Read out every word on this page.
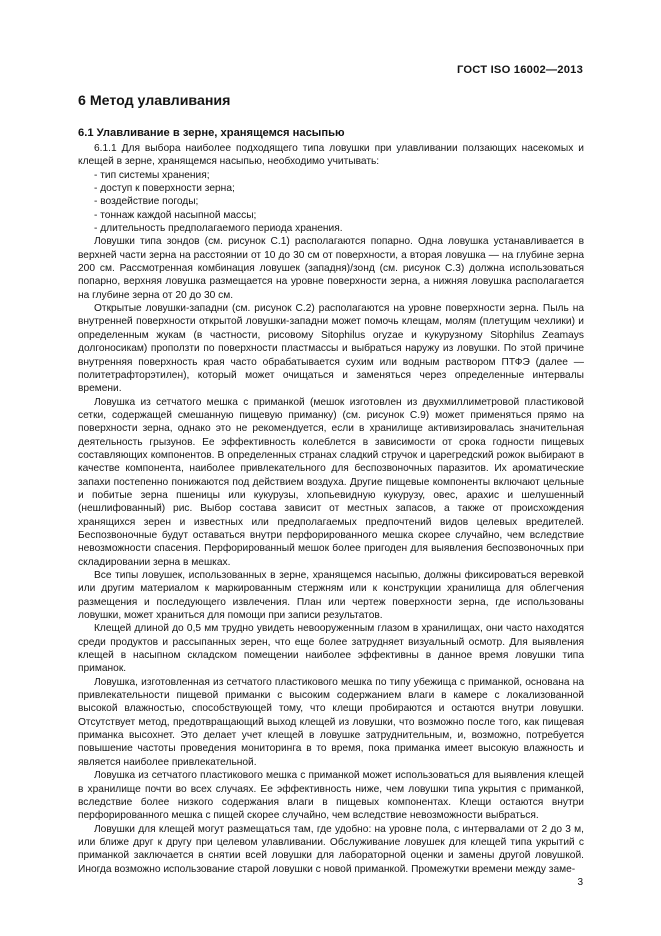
ГОСТ ISO 16002—2013
6 Метод улавливания
6.1 Улавливание в зерне, хранящемся насыпью

6.1.1 Для выбора наиболее подходящего типа ловушки при улавливании ползающих насекомых и клещей в зерне, хранящемся насыпью, необходимо учитывать:

- тип системы хранения;

- доступ к поверхности зерна;

- воздействие погоды;

- тоннаж каждой насыпной массы;

- длительность предполагаемого периода хранения.

Ловушки типа зондов (см. рисунок С.1) располагаются попарно. Одна ловушка устанавливается в верхней части зерна на расстоянии от 10 до 30 см от поверхности, а вторая ловушка — на глубине зерна 200 см. Рассмотренная комбинация ловушек (западня)/зонд (см. рисунок С.3) должна использоваться попарно, верхняя ловушка размещается на уровне поверхности зерна, а нижняя ловушка располагается на глубине зерна от 20 до 30 см.

Открытые ловушки-западни (см. рисунок С.2) располагаются на уровне поверхности зерна. Пыль на внутренней поверхности открытой ловушки-западни может помочь клещам, молям (плетущим чехлики) и определенным жукам (в частности, рисовому Sitophilus oryzae и кукурузному Sitophilus Zeamays долгоносикам) проползти по поверхности пластмассы и выбраться наружу из ловушки. По этой причине внутренняя поверхность края часто обрабатывается сухим или водным раствором ПТФЭ (далее — политетрафторэтилен), который может очищаться и заменяться через определенные интервалы времени.

Ловушка из сетчатого мешка с приманкой (мешок изготовлен из двухмиллиметровой пластиковой сетки, содержащей смешанную пищевую приманку) (см. рисунок С.9) может применяться прямо на поверхности зерна, однако это не рекомендуется, если в хранилище активизировалась значительная деятельность грызунов. Ее эффективность колеблется в зависимости от срока годности пищевых составляющих компонентов. В определенных странах сладкий стручок и царегредский рожок выбирают в качестве компонента, наиболее привлекательного для беспозвоночных паразитов. Их ароматические запахи постепенно понижаются под действием воздуха. Другие пищевые компоненты включают цельные и побитые зерна пшеницы или кукурузы, хлопьевидную кукурузу, овес, арахис и шелушенный (нешлифованный) рис. Выбор состава зависит от местных запасов, а также от происхождения хранящихся зерен и известных или предполагаемых предпочтений видов целевых вредителей. Беспозвоночные будут оставаться внутри перфорированного мешка скорее случайно, чем вследствие невозможности спасения. Перфорированный мешок более пригоден для выявления беспозвоночных при складировании зерна в мешках.

Все типы ловушек, использованных в зерне, хранящемся насыпью, должны фиксироваться веревкой или другим материалом к маркированным стержням или к конструкции хранилища для облегчения размещения и последующего извлечения. План или чертеж поверхности зерна, где использованы ловушки, может храниться для помощи при записи результатов.

Клещей длиной до 0,5 мм трудно увидеть невооруженным глазом в хранилищах, они часто находятся среди продуктов и рассыпанных зерен, что еще более затрудняет визуальный осмотр. Для выявления клещей в насыпном складском помещении наиболее эффективны в данное время ловушки типа приманок.

Ловушка, изготовленная из сетчатого пластикового мешка по типу убежища с приманкой, основана на привлекательности пищевой приманки с высоким содержанием влаги в камере с локализованной высокой влажностью, способствующей тому, что клещи пробираются и остаются внутри ловушки. Отсутствует метод, предотвращающий выход клещей из ловушки, что возможно после того, как пищевая приманка высохнет. Это делает учет клещей в ловушке затруднительным, и, возможно, потребуется повышение частоты проведения мониторинга в то время, пока приманка имеет высокую влажность и является наиболее привлекательной.

Ловушка из сетчатого пластикового мешка с приманкой может использоваться для выявления клещей в хранилище почти во всех случаях. Ее эффективность ниже, чем ловушки типа укрытия с приманкой, вследствие более низкого содержания влаги в пищевых компонентах. Клещи остаются внутри перфорированного мешка с пищей скорее случайно, чем вследствие невозможности выбраться.

Ловушки для клещей могут размещаться там, где удобно: на уровне пола, с интервалами от 2 до 3 м, или ближе друг к другу при целевом улавливании. Обслуживание ловушек для клещей типа укрытий с приманкой заключается в снятии всей ловушки для лабораторной оценки и замены другой ловушкой. Иногда возможно использование старой ловушки с новой приманкой. Промежутки времени между заме-

3
